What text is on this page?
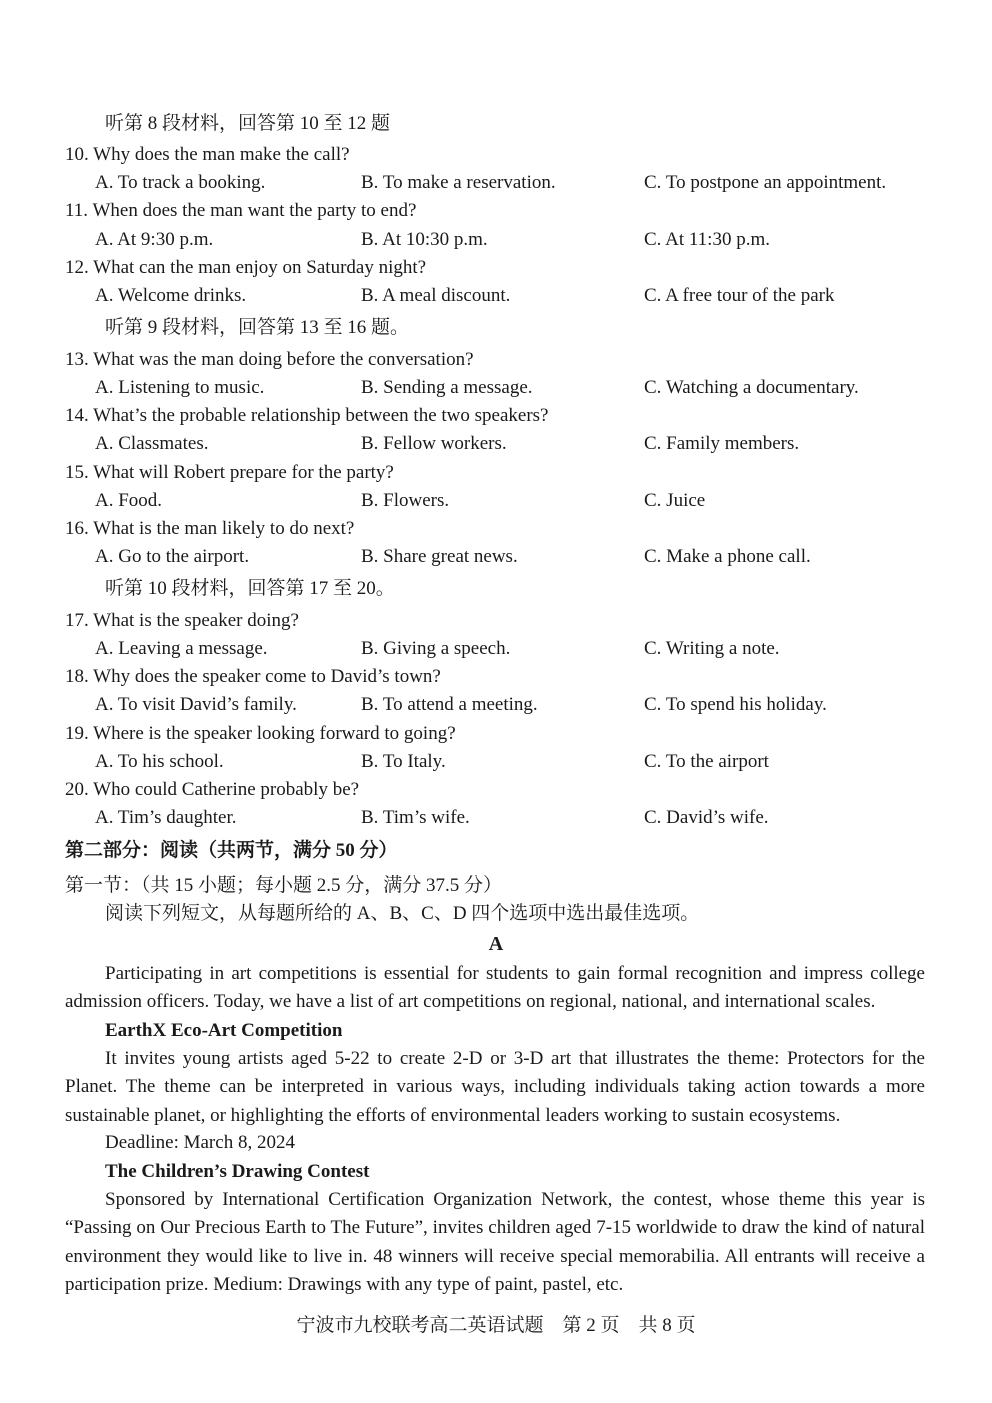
听第 8 段材料，回答第 10 至 12 题
10. Why does the man make the call?
A. To track a booking.	B. To make a reservation.	C. To postpone an appointment.
11. When does the man want the party to end?
A. At 9:30 p.m.	B. At 10:30 p.m.	C. At 11:30 p.m.
12. What can the man enjoy on Saturday night?
A. Welcome drinks.	B. A meal discount.	C. A free tour of the park
听第 9 段材料，回答第 13 至 16 题。
13. What was the man doing before the conversation?
A. Listening to music.	B. Sending a message.	C. Watching a documentary.
14. What’s the probable relationship between the two speakers?
A. Classmates.	B. Fellow workers.	C. Family members.
15. What will Robert prepare for the party?
A. Food.	B. Flowers.	C. Juice
16. What is the man likely to do next?
A. Go to the airport.	B. Share great news.	C. Make a phone call.
听第 10 段材料，回答第 17 至 20。
17. What is the speaker doing?
A. Leaving a message.	B. Giving a speech.	C. Writing a note.
18. Why does the speaker come to David’s town?
A. To visit David’s family.	B. To attend a meeting.	C. To spend his holiday.
19. Where is the speaker looking forward to going?
A. To his school.	B. To Italy.	C. To the airport
20. Who could Catherine probably be?
A. Tim’s daughter.	B. Tim’s wife.	C. David’s wife.
第二部分：阅读（共两节，满分 50 分）
第一节：（共 15 小题；每小题 2.5 分，满分 37.5 分）
阅读下列短文，从每题所给的 A、B、C、D 四个选项中选出最佳选项。
A
Participating in art competitions is essential for students to gain formal recognition and impress college admission officers. Today, we have a list of art competitions on regional, national, and international scales.
EarthX Eco-Art Competition
It invites young artists aged 5-22 to create 2-D or 3-D art that illustrates the theme: Protectors for the Planet. The theme can be interpreted in various ways, including individuals taking action towards a more sustainable planet, or highlighting the efforts of environmental leaders working to sustain ecosystems.
Deadline: March 8, 2024
The Children’s Drawing Contest
Sponsored by International Certification Organization Network, the contest, whose theme this year is “Passing on Our Precious Earth to The Future”, invites children aged 7-15 worldwide to draw the kind of natural environment they would like to live in. 48 winners will receive special memorabilia. All entrants will receive a participation prize. Medium: Drawings with any type of paint, pastel, etc.
宁波市九校联考高二英语试题　第 2 页　共 8 页
